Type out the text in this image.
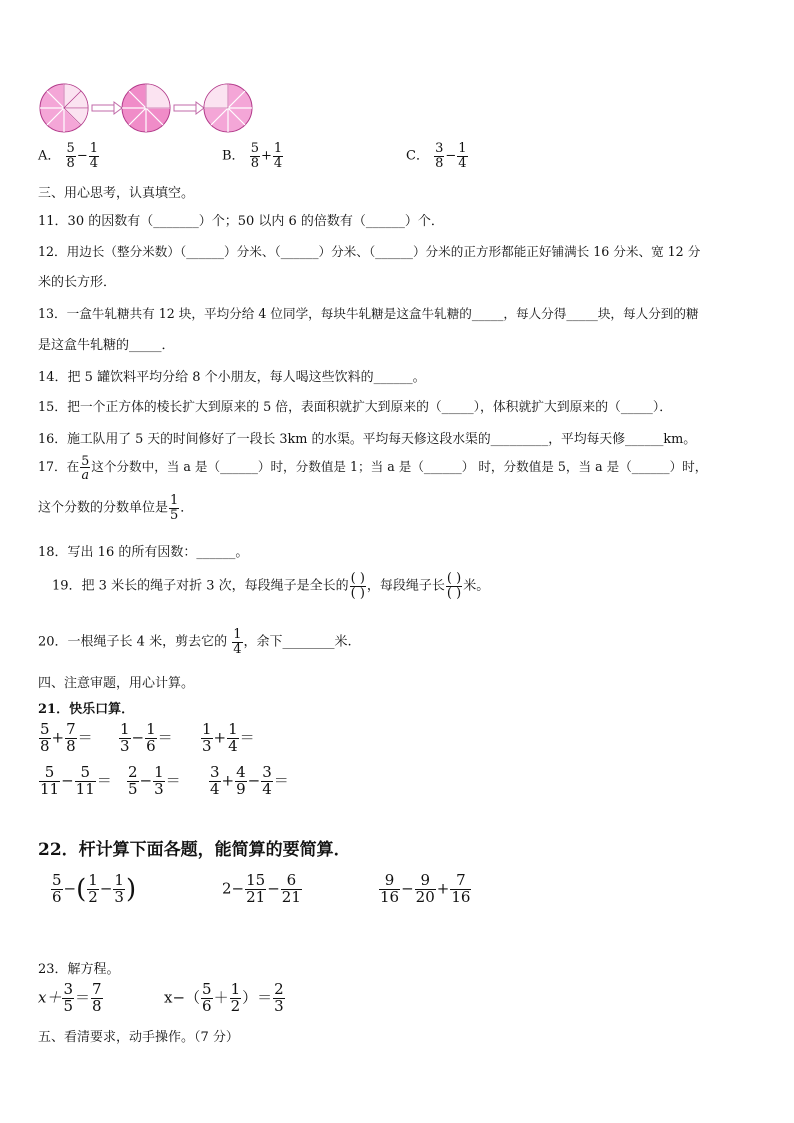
A． $\frac{5}{8} - \frac{1}{4}$	B． $\frac{5}{8} + \frac{1}{4}$	C． $\frac{3}{8} - \frac{1}{4}$
三、用心思考，认真填空。
11．30 的因数有（_______）个；50 以内 6 的倍数有（______）个．
12．用边长（整分米数）（______）分米、（______）分米、（______）分米的正方形都能正好铺满长 16 分米、宽 12 分
米的长方形．
13．一盒牛轧糖共有 12 块，平均分给 4 位同学，每块牛轧糖是这盒牛轧糖的_____，每人分得_____块，每人分到的糖
是这盒牛轧糖的_____．
14．把 5 罐饮料平均分给 8 个小朋友，每人喝这些饮料的______。
15．把一个正方体的棱长扩大到原来的 5 倍，表面积就扩大到原来的（_____），体积就扩大到原来的（_____）．
16．施工队用了 5 天的时间修好了一段长 3km 的水渠。平均每天修这段水渠的_________，平均每天修______km。
17．在 $\frac{5}{a}$ 这个分数中，当 a 是（______）时，分数值是 1；当 a 是（______） 时，分数值是 5，当 a 是（______）时，
这个分数的分数单位是 $\frac{1}{5}$ ．
18．写出 16 的所有因数：______。
19．把 3 米长的绳子对折 3 次，每段绳子是全长的 $\frac{( )}{( )}$ ，每段绳子长 $\frac{( )}{( )}$ 米。
20．一根绳子长 4 米，剪去它的 $\frac{1}{4}$ ，余下________米.
四、注意审题，用心计算。
21．快乐口算．
$\frac{5}{8} + \frac{7}{8} = \frac{1}{3} - \frac{1}{6} = \frac{1}{3} + \frac{1}{4}$ ＝
$\frac{5}{11} - \frac{5}{11} = \frac{2}{5} - \frac{1}{3} = \frac{3}{4} + \frac{4}{9} - \frac{3}{4}$ ＝
22．杆计算下面各题，能简算的要简算．
$\frac{5}{6}$ −( $\frac{1}{2} - \frac{1}{3}$ )	$2- \frac{15}{21} - \frac{6}{21}$	$\frac{9}{16} - \frac{9}{20} + \frac{7}{16}$
23．解方程。
$x+ \frac{3}{5} = \frac{7}{8}$	$x-( \frac{5}{6} + \frac{1}{2}$ ）＝ $\frac{2}{3}$
五、看清要求，动手操作。（7 分）
